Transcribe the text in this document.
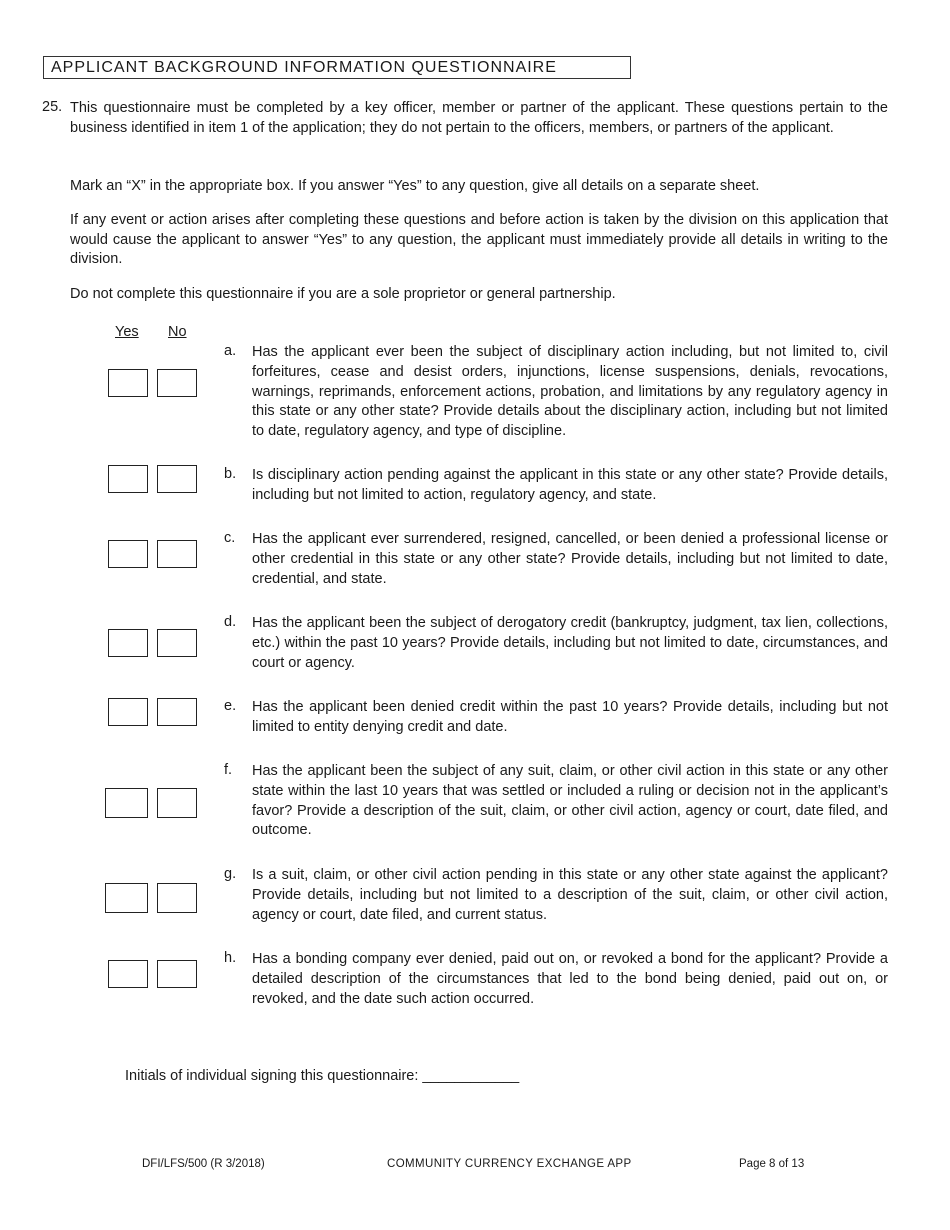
APPLICANT BACKGROUND INFORMATION QUESTIONNAIRE
25. This questionnaire must be completed by a key officer, member or partner of the applicant. These questions pertain to the business identified in item 1 of the application; they do not pertain to the officers, members, or partners of the applicant.

Mark an “X” in the appropriate box. If you answer “Yes” to any question, give all details on a separate sheet.

If any event or action arises after completing these questions and before action is taken by the division on this application that would cause the applicant to answer “Yes” to any question, the applicant must immediately provide all details in writing to the division.

Do not complete this questionnaire if you are a sole proprietor or general partnership.

Yes No
a. Has the applicant ever been the subject of disciplinary action including, but not limited to, civil forfeitures, cease and desist orders, injunctions, license suspensions, denials, revocations, warnings, reprimands, enforcement actions, probation, and limitations by any regulatory agency in this state or any other state? Provide details about the disciplinary action, including but not limited to date, regulatory agency, and type of discipline.

b. Is disciplinary action pending against the applicant in this state or any other state? Provide details, including but not limited to action, regulatory agency, and state.

c. Has the applicant ever surrendered, resigned, cancelled, or been denied a professional license or other credential in this state or any other state? Provide details, including but not limited to date, credential, and state.

d. Has the applicant been the subject of derogatory credit (bankruptcy, judgment, tax lien, collections, etc.) within the past 10 years? Provide details, including but not limited to date, circumstances, and court or agency.

e. Has the applicant been denied credit within the past 10 years? Provide details, including but not limited to entity denying credit and date.

f. Has the applicant been the subject of any suit, claim, or other civil action in this state or any other state within the last 10 years that was settled or included a ruling or decision not in the applicant’s favor? Provide a description of the suit, claim, or other civil action, agency or court, date filed, and outcome.

g. Is a suit, claim, or other civil action pending in this state or any other state against the applicant? Provide details, including but not limited to a description of the suit, claim, or other civil action, agency or court, date filed, and current status.

h. Has a bonding company ever denied, paid out on, or revoked a bond for the applicant? Provide a detailed description of the circumstances that led to the bond being denied, paid out on, or revoked, and the date such action occurred.

Initials of individual signing this questionnaire: ____________
DFI/LFS/500 (R 3/2018)	COMMUNITY CURRENCY EXCHANGE APP	Page 8 of 13
